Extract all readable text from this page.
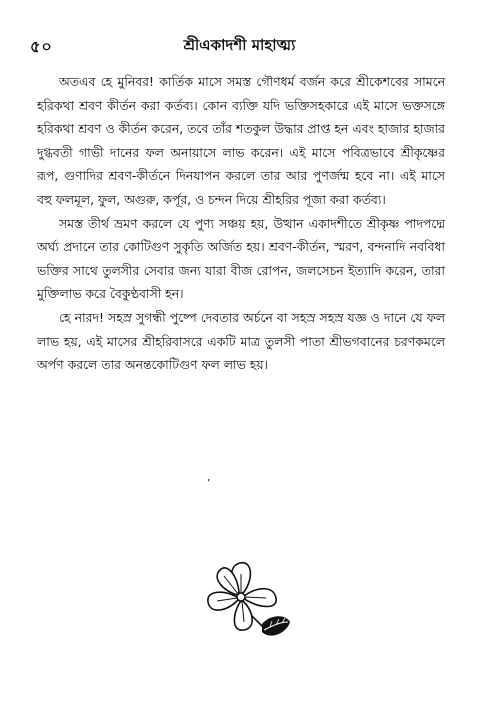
৫০	শ্রীএকাদশী মাহাত্ম্য

অতএব হে মুনিবর! কার্তিক মাসে সমস্ত গৌণধর্ম বর্জন করে শ্রীকেশবের সামনে হরিকথা শ্রবণ কীর্তন করা কর্তব্য। কোন ব্যক্তি যদি ভক্তিসহকারে এই মাসে ভক্তসঙ্গে হরিকথা শ্রবণ ও কীর্তন করেন, তবে তাঁর শতকুল উদ্ধার প্রাপ্ত হন এবং হাজার হাজার দুগ্ধবতী গাভী দানের ফল অনায়াসে লাভ করেন। এই মাসে পবিত্রভাবে শ্রীকৃষ্ণের রূপ, গুণাদির শ্রবণ-কীর্তনে দিনযাপন করলে তার আর পুণর্জন্ম হবে না। এই মাসে বহু ফলমূল, ফুল, অগুরু, কর্পূর, ও চন্দন দিয়ে শ্রীহরির পূজা করা কর্তব্য।

সমস্ত তীর্থ ভ্রমণ করলে যে পুণ্য সঞ্চয় হয়, উত্থান একাদশীতে শ্রীকৃষ্ণ পাদপদ্মে অর্ঘ্য প্রদানে তার কোটিগুণ সুকৃতি অর্জিত হয়। শ্রবণ-কীর্তন, স্মরণ, বন্দনাদি নববিধা ভক্তির সাথে তুলসীর সেবার জন্য যারা বীজ রোপন, জলসেচন ইত্যাদি করেন, তারা মুক্তিলাভ করে বৈকুণ্ঠবাসী হন।

হে নারদ! সহস্র সুগন্ধী পুষ্পে দেবতার অর্চনে বা সহস্র সহস্র যজ্ঞ ও দানে যে ফল লাভ হয়, এই মাসের শ্রীহরিবাসরে একটি মাত্র তুলসী পাতা শ্রীভগবানের চরণকমলে অর্পণ করলে তার অনন্তকোটিগুণ ফল লাভ হয়।

’
